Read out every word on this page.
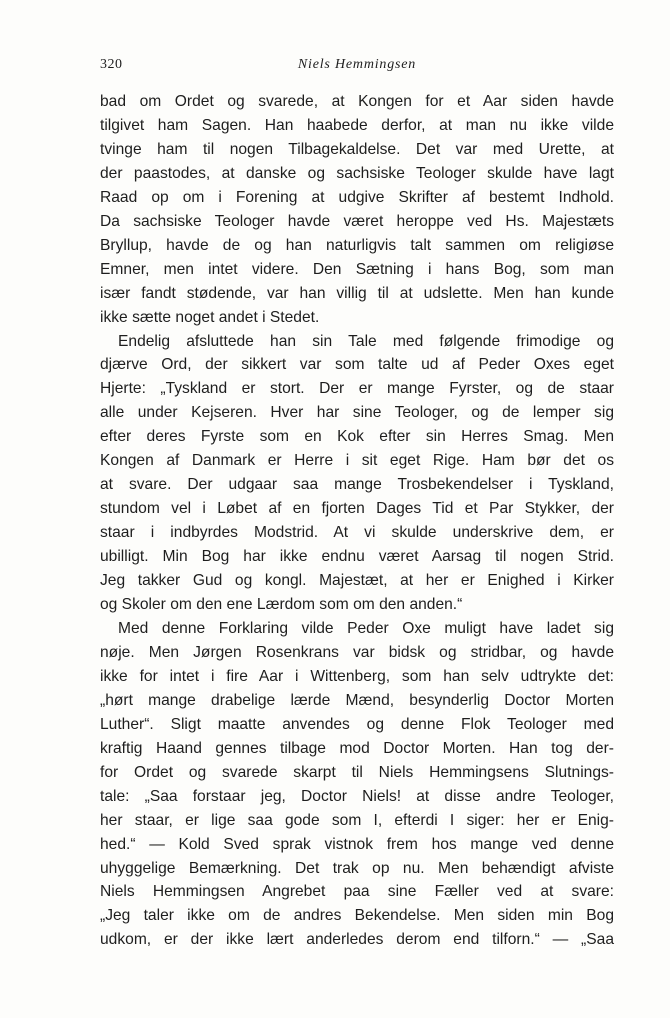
320	Niels Hemmingsen
bad om Ordet og svarede, at Kongen for et Aar siden havde
tilgivet ham Sagen. Han haabede derfor, at man nu ikke vilde
tvinge ham til nogen Tilbagekaldelse. Det var med Urette, at
der paastodes, at danske og sachsiske Teologer skulde have lagt
Raad op om i Forening at udgive Skrifter af bestemt Indhold.
Da sachsiske Teologer havde været heroppe ved Hs. Majestæts
Bryllup, havde de og han naturligvis talt sammen om religiøse
Emner, men intet videre. Den Sætning i hans Bog, som man
især fandt stødende, var han villig til at udslette. Men han kunde
ikke sætte noget andet i Stedet.
Endelig afsluttede han sin Tale med følgende frimodige og
djærve Ord, der sikkert var som talte ud af Peder Oxes eget
Hjerte: „Tyskland er stort. Der er mange Fyrster, og de staar
alle under Kejseren. Hver har sine Teologer, og de lemper sig
efter deres Fyrste som en Kok efter sin Herres Smag. Men
Kongen af Danmark er Herre i sit eget Rige. Ham bør det os
at svare. Der udgaar saa mange Trosbekendelser i Tyskland,
stundom vel i Løbet af en fjorten Dages Tid et Par Stykker, der
staar i indbyrdes Modstrid. At vi skulde underskrive dem, er
ubilligt. Min Bog har ikke endnu været Aarsag til nogen Strid.
Jeg takker Gud og kongl. Majestæt, at her er Enighed i Kirker
og Skoler om den ene Lærdom som om den anden.“
Med denne Forklaring vilde Peder Oxe muligt have ladet sig
nøje. Men Jørgen Rosenkrans var bidsk og stridbar, og havde
ikke for intet i fire Aar i Wittenberg, som han selv udtrykte det:
„hørt mange drabelige lærde Mænd, besynderlig Doctor Morten
Luther“. Sligt maatte anvendes og denne Flok Teologer med
kraftig Haand gennes tilbage mod Doctor Morten. Han tog der-
for Ordet og svarede skarpt til Niels Hemmingsens Slutnings-
tale: „Saa forstaar jeg, Doctor Niels! at disse andre Teologer,
her staar, er lige saa gode som I, efterdi I siger: her er Enig-
hed.“ — Kold Sved sprak vistnok frem hos mange ved denne
uhyggelige Bemærkning. Det trak op nu. Men behændigt afviste
Niels Hemmingsen Angrebet paa sine Fæller ved at svare:
„Jeg taler ikke om de andres Bekendelse. Men siden min Bog
udkom, er der ikke lært anderledes derom end tilforn.“ — „Saa
